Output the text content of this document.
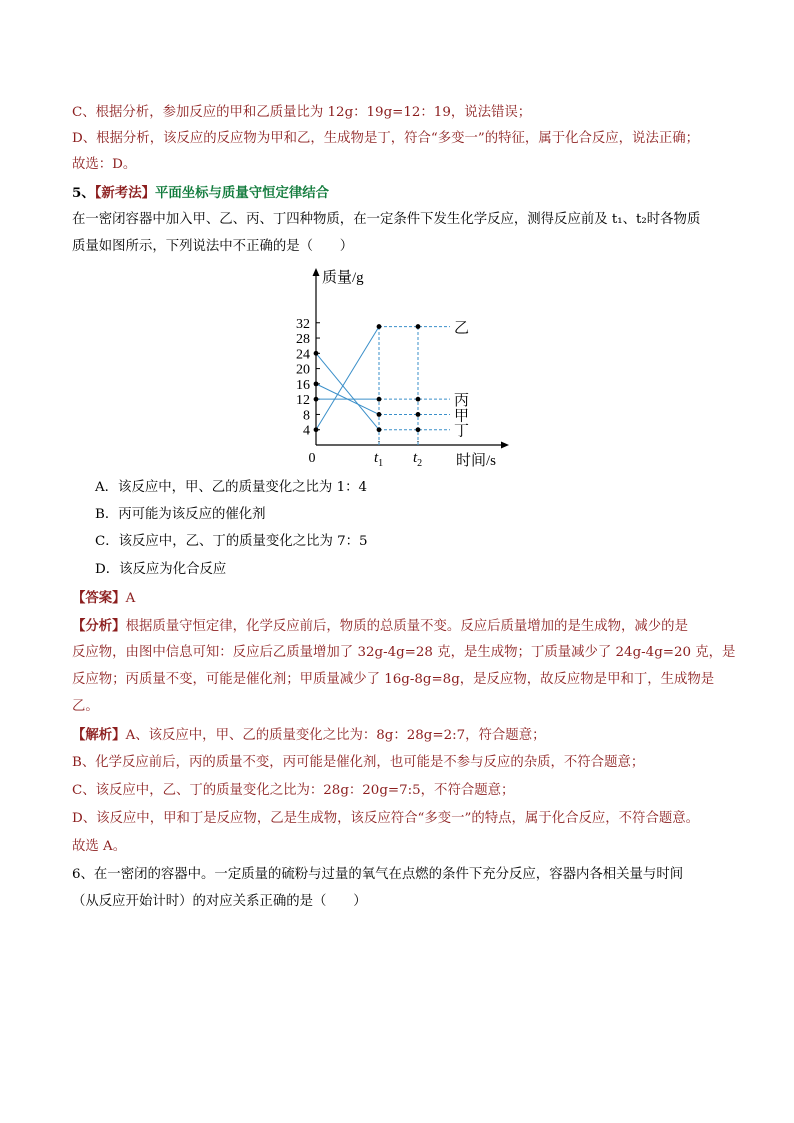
C、根据分析，参加反应的甲和乙质量比为 12g：19g=12：19，说法错误；
D、根据分析，该反应的反应物为甲和乙，生成物是丁，符合“多变一”的特征，属于化合反应，说法正确；
故选：D。
5、【新考法】平面坐标与质量守恒定律结合
在一密闭容器中加入甲、乙、丙、丁四种物质，在一定条件下发生化学反应，测得反应前及 t₁、t₂时各物质
质量如图所示，下列说法中不正确的是（　　）
质量/g
时间/s
0
4
8
12
16
20
24
28
32
$t_1$ $t_2$
乙
丙
甲
丁
A．该反应中，甲、乙的质量变化之比为 1：4
B．丙可能为该反应的催化剂
C．该反应中，乙、丁的质量变化之比为 7：5
D．该反应为化合反应
【答案】A
【分析】根据质量守恒定律，化学反应前后，物质的总质量不变。反应后质量增加的是生成物，减少的是
反应物，由图中信息可知：反应后乙质量增加了 32g-4g=28 克，是生成物；丁质量减少了 24g-4g=20 克，是
反应物；丙质量不变，可能是催化剂；甲质量减少了 16g-8g=8g，是反应物，故反应物是甲和丁，生成物是
乙。
【解析】A、该反应中，甲、乙的质量变化之比为：8g：28g=2:7，符合题意；
B、化学反应前后，丙的质量不变，丙可能是催化剂，也可能是不参与反应的杂质，不符合题意；
C、该反应中，乙、丁的质量变化之比为：28g：20g=7:5，不符合题意；
D、该反应中，甲和丁是反应物，乙是生成物，该反应符合“多变一”的特点，属于化合反应，不符合题意。
故选 A。
6、在一密闭的容器中。一定质量的硫粉与过量的氧气在点燃的条件下充分反应，容器内各相关量与时间
（从反应开始计时）的对应关系正确的是（　　）
